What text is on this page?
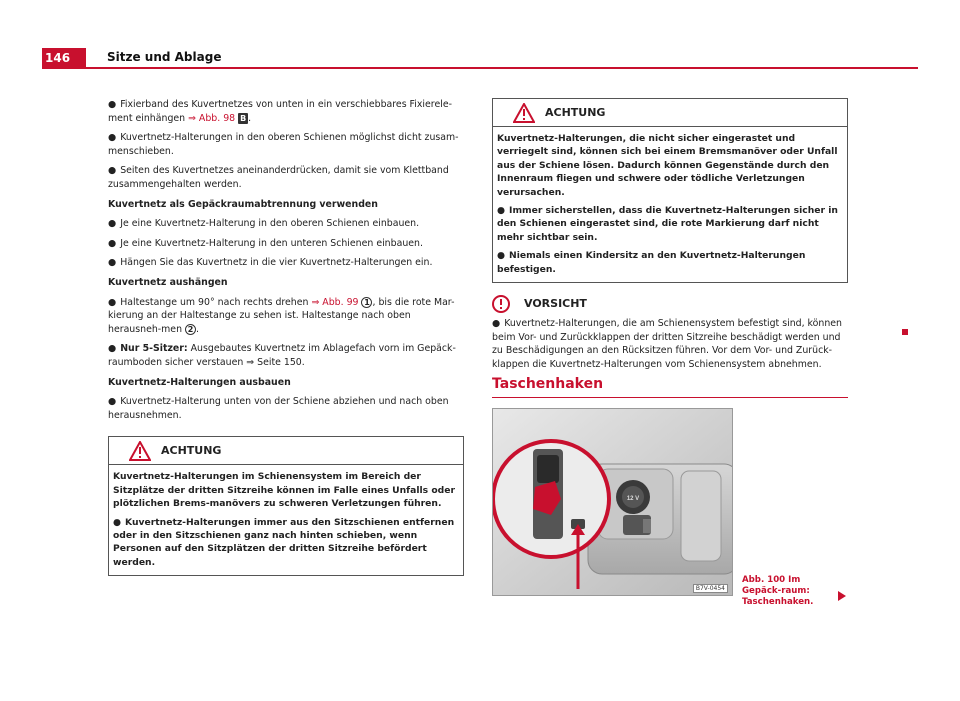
146	Sitze und Ablage
● Fixierband des Kuvertnetzes von unten in ein verschiebbares Fixierele-ment einhängen ⇒ Abb. 98 B .
● Kuvertnetz-Halterungen in den oberen Schienen möglichst dicht zusam-menschieben.
● Seiten des Kuvertnetzes aneinanderdrücken, damit sie vom Klettband zusammengehalten werden.
Kuvertnetz als Gepäckraumabtrennung verwenden
● Je eine Kuvertnetz-Halterung in den oberen Schienen einbauen.
● Je eine Kuvertnetz-Halterung in den unteren Schienen einbauen.
● Hängen Sie das Kuvertnetz in die vier Kuvertnetz-Halterungen ein.
Kuvertnetz aushängen
● Haltestange um 90° nach rechts drehen ⇒ Abb. 99 1 , bis die rote Mar-kierung an der Haltestange zu sehen ist. Haltestange nach oben herausneh-men 2 .
● Nur 5-Sitzer: Ausgebautes Kuvertnetz im Ablagefach vorn im Gepäck-raumboden sicher verstauen ⇒ Seite 150.
Kuvertnetz-Halterungen ausbauen
● Kuvertnetz-Halterung unten von der Schiene abziehen und nach oben herausnehmen.
ACHTUNG
Kuvertnetz-Halterungen im Schienensystem im Bereich der Sitzplätze der dritten Sitzreihe können im Falle eines Unfalls oder plötzlichen Brems-manövers zu schweren Verletzungen führen.
● Kuvertnetz-Halterungen immer aus den Sitzschienen entfernen oder in den Sitzschienen ganz nach hinten schieben, wenn Personen auf den Sitzplätzen der dritten Sitzreihe befördert werden.
ACHTUNG
Kuvertnetz-Halterungen, die nicht sicher eingerastet und verriegelt sind, können sich bei einem Bremsmanöver oder Unfall aus der Schiene lösen. Dadurch können Gegenstände durch den Innenraum fliegen und schwere oder tödliche Verletzungen verursachen.
● Immer sicherstellen, dass die Kuvertnetz-Halterungen sicher in den Schienen eingerastet sind, die rote Markierung darf nicht mehr sichtbar sein.
● Niemals einen Kindersitz an den Kuvertnetz-Halterungen befestigen.
VORSICHT
● Kuvertnetz-Halterungen, die am Schienensystem befestigt sind, können beim Vor- und Zurückklappen der dritten Sitzreihe beschädigt werden und zu Beschädigungen an den Rücksitzen führen. Vor dem Vor- und Zurück-klappen die Kuvertnetz-Halterungen vom Schienensystem abnehmen.
Taschenhaken
12 V
B7V-0454
Abb. 100 Im Gepäck-raum: Taschenhaken.
